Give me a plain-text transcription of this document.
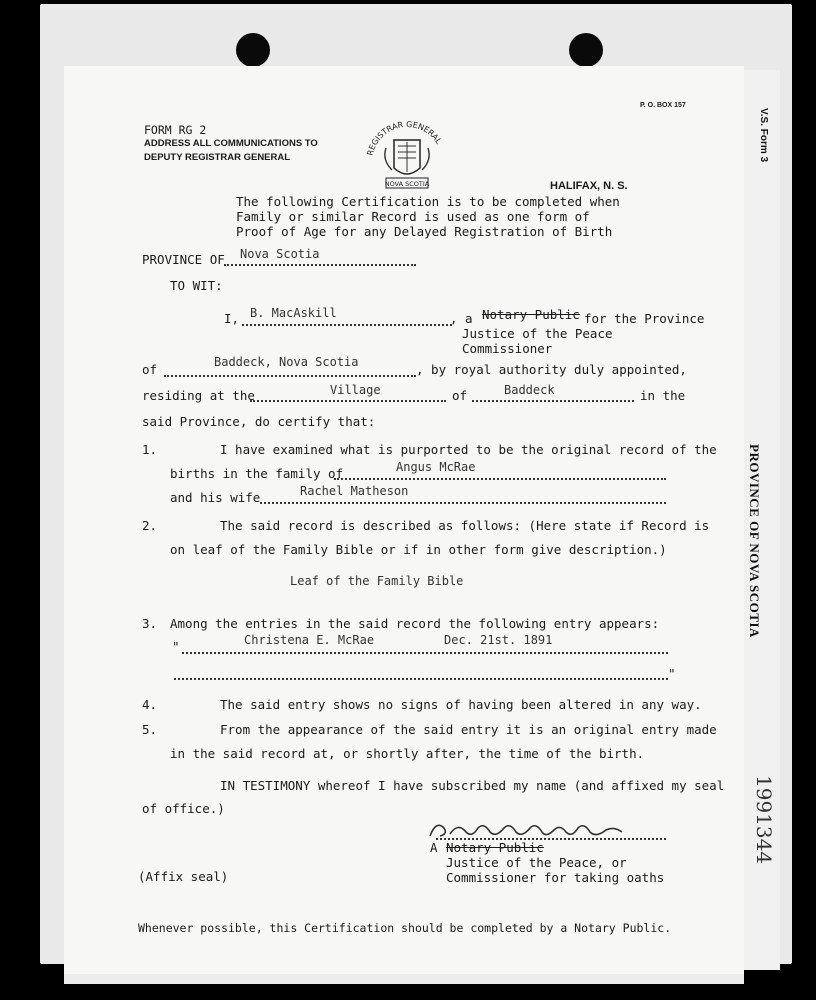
V.S. Form 3
PROVINCE OF NOVA SCOTIA
1991344
P. O. BOX 157
FORM RG 2
ADDRESS ALL COMMUNICATIONS TO
DEPUTY REGISTRAR GENERAL
HALIFAX, N. S.
REGISTRAR GENERAL
NOVA SCOTIA
The following Certification is to be completed when
Family or similar Record is used as one form of
Proof of Age for any Delayed Registration of Birth
PROVINCE OF Nova Scotia
TO WIT:
I, B. MacAskill	, a Notary Public for the Province
Justice of the Peace
Commissioner
of	Baddeck, Nova Scotia	, by royal authority duly appointed,
residing at the	Village	of	Baddeck	in the
said Province, do certify that:
1.	I have examined what is purported to be the original record of the
births in the family of	Angus McRae
and his wife	Rachel Matheson
2.	The said record is described as follows: (Here state if Record is
on leaf of the Family Bible or if in other form give description.)
Leaf of the Family Bible
3. Among the entries in the said record the following entry appears:
"	Christena E. McRae	Dec. 21st. 1891
"
4.	The said entry shows no signs of having been altered in any way.
5.	From the appearance of the said entry it is an original entry made
in the said record at, or shortly after, the time of the birth.
IN TESTIMONY whereof I have subscribed my name (and affixed my seal
of office.)
A Notary Public
Justice of the Peace, or
Commissioner for taking oaths
(Affix seal)
Whenever possible, this Certification should be completed by a Notary Public.
